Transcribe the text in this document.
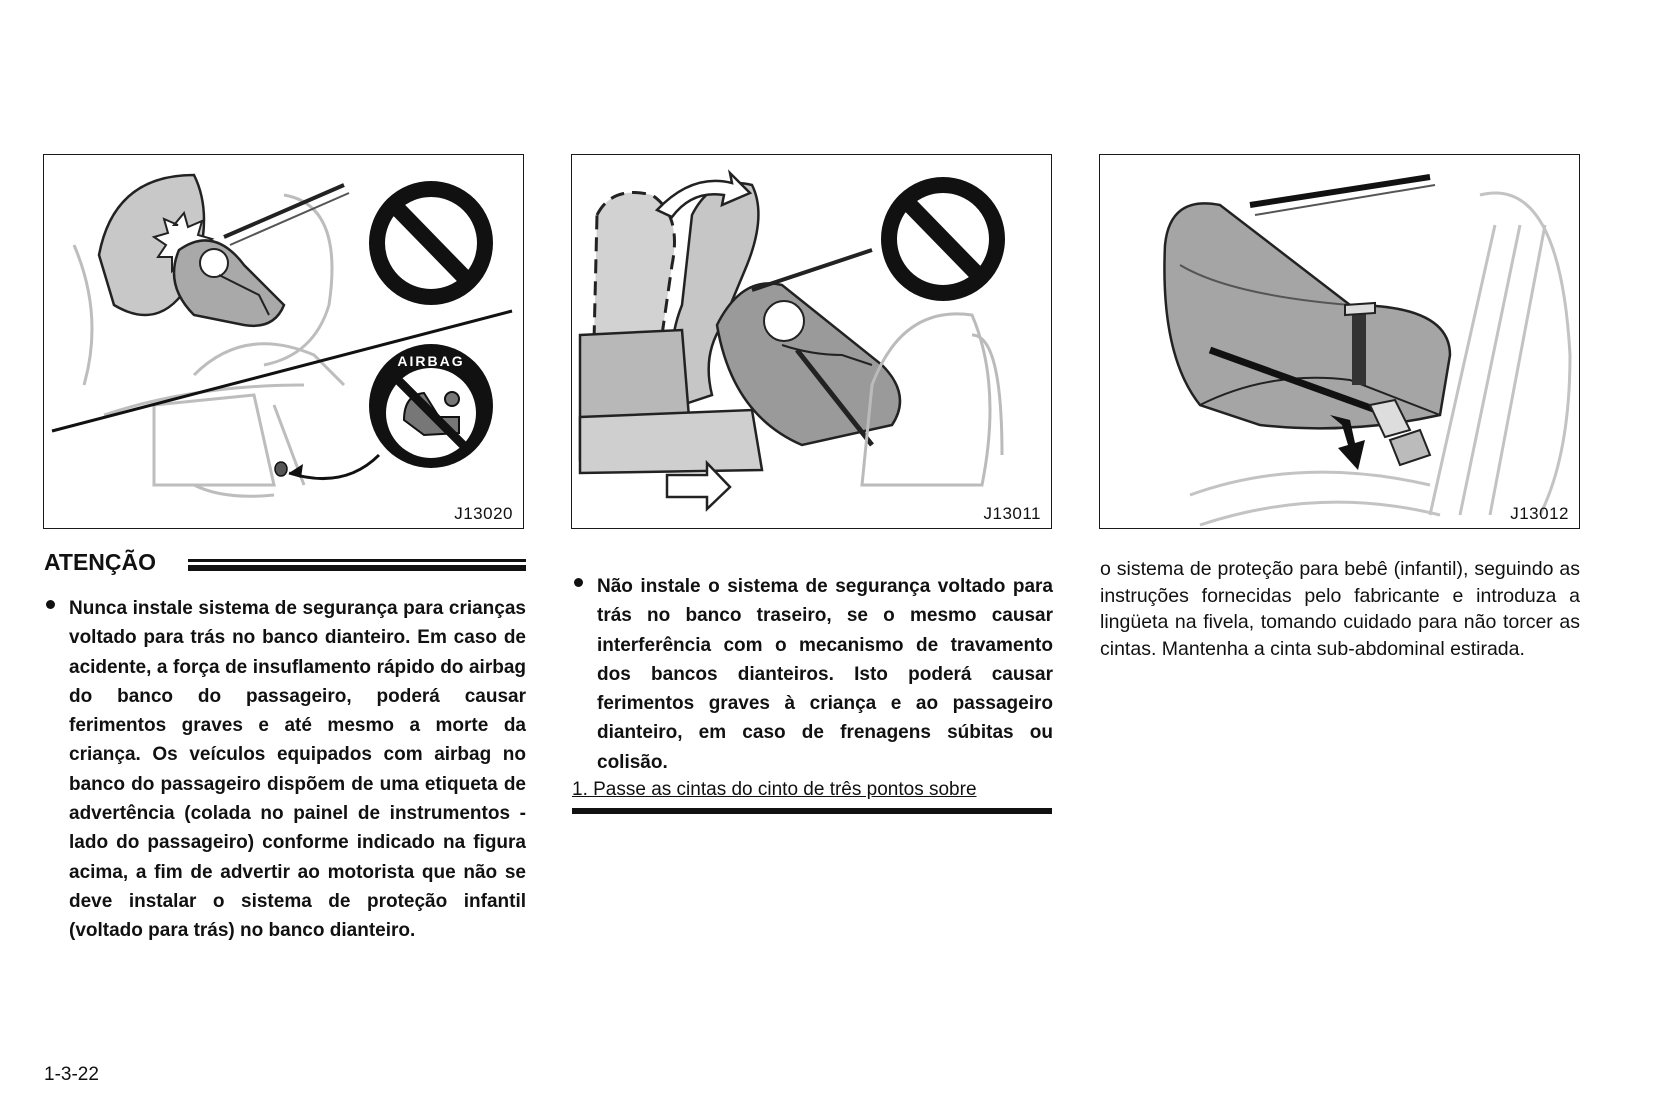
AIRBAG
J13020	J13011	J13012
ATENÇÃO
Nunca instale sistema de segurança para crianças voltado para trás no banco dianteiro. Em caso de acidente, a força de insuflamento rápido do airbag do banco do passageiro, poderá causar ferimentos graves e até mesmo a morte da criança. Os veículos equipados com airbag no banco do passageiro dispõem de uma etiqueta de advertência (colada no painel de instrumentos - lado do passageiro) conforme indicado na figura acima, a fim de advertir ao motorista que não se deve instalar o sistema de proteção infantil (voltado para trás) no banco dianteiro.
Não instale o sistema de segurança voltado para trás no banco traseiro, se o mesmo causar interferência com o mecanismo de travamento dos bancos dianteiros. Isto poderá causar ferimentos graves à criança e ao passageiro dianteiro, em caso de frenagens súbitas ou colisão.
1. Passe as cintas do cinto de três pontos sobre
o sistema de proteção para bebê (infantil), seguindo as instruções fornecidas pelo fabricante e introduza a lingüeta na fivela, tomando cuidado para não torcer as cintas. Mantenha a cinta sub-abdominal estirada.
1-3-22
